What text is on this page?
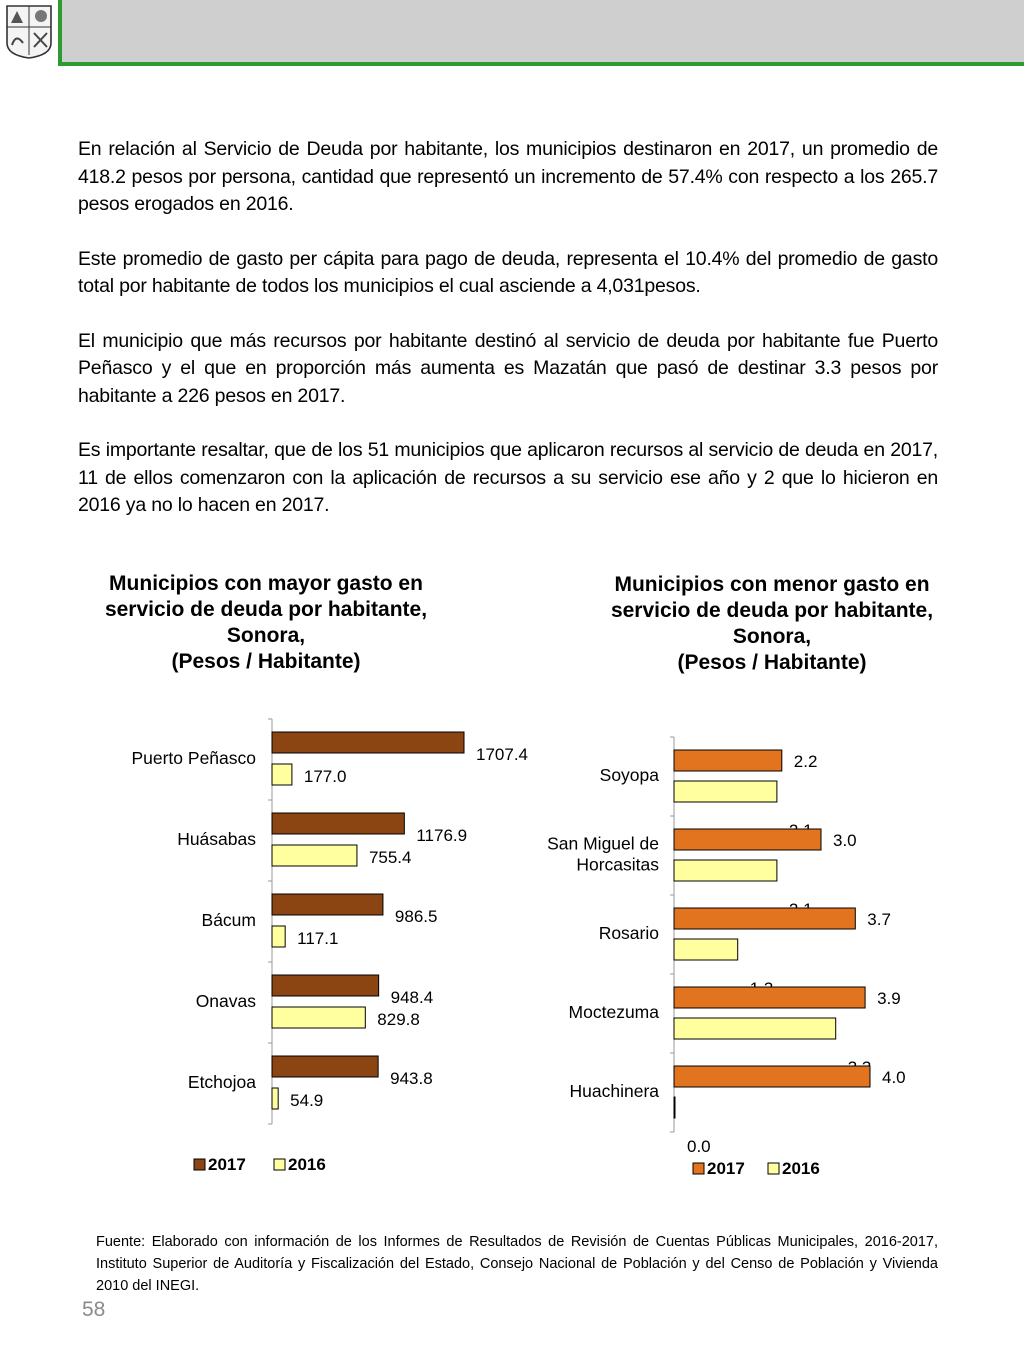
En relación al Servicio de Deuda por habitante, los municipios destinaron en 2017, un promedio de 418.2 pesos por persona, cantidad que representó un incremento de 57.4% con respecto a los 265.7 pesos erogados en 2016.

Este promedio de gasto per cápita para pago de deuda, representa el 10.4% del promedio de gasto total por habitante de todos los municipios el cual asciende a 4,031pesos.

El municipio que más recursos por habitante destinó al servicio de deuda por habitante fue Puerto Peñasco y el que en proporción más aumenta es Mazatán que pasó de destinar 3.3 pesos por habitante a 226 pesos en 2017.

Es importante resaltar, que de los 51 municipios que aplicaron recursos al servicio de deuda en 2017, 11 de ellos comenzaron con la aplicación de recursos a su servicio ese año y 2 que lo hicieron en 2016 ya no lo hacen en 2017.

Municipios con mayor gasto en
servicio de deuda por habitante,
Sonora,
(Pesos / Habitante)
Municipios con menor gasto en
servicio de deuda por habitante,
Sonora,
(Pesos / Habitante)
Puerto Peñasco	1707.4
177.0
Huásabas	1176.9
755.4
Bácum	986.5
117.1
Onavas	948.4
829.8
Etchojoa	943.8
54.9
2017 2016
Soyopa
2.2
San Miguel de
Horcasitas
3.0
Rosario
3.7
Moctezuma
3.9
Huachinera
4.0
0.0
2017 2016
Fuente: Elaborado con información de los Informes de Resultados de Revisión de Cuentas Públicas Municipales, 2016-2017, Instituto Superior de Auditoría y Fiscalización del Estado, Consejo Nacional de Población y del Censo de Población y Vivienda 2010 del INEGI.
58
